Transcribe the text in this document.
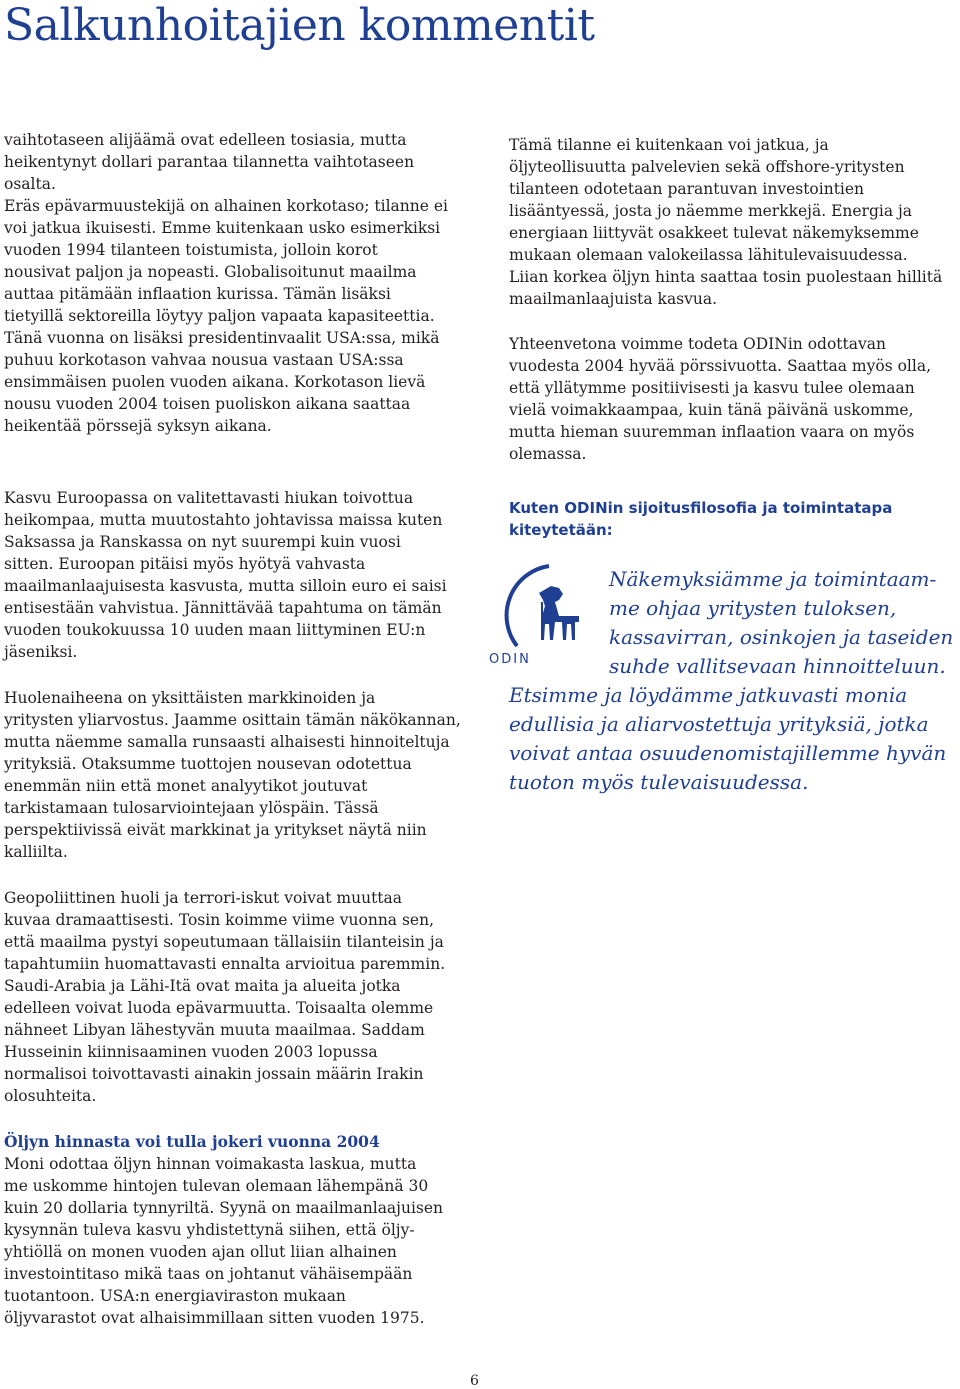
Salkunhoitajien kommentit

vaihtotaseen alijäämä ovat edelleen tosiasia, mutta

heikentynyt dollari parantaa tilannetta vaihtotaseen

osalta.

Eräs epävarmuustekijä on alhainen korkotaso; tilanne ei

voi jatkua ikuisesti. Emme kuitenkaan usko esimerkiksi

vuoden 1994 tilanteen toistumista, jolloin korot

nousivat paljon ja nopeasti. Globalisoitunut maailma

auttaa pitämään inflaation kurissa. Tämän lisäksi

tietyillä sektoreilla löytyy paljon vapaata kapasiteettia.

Tänä vuonna on lisäksi presidentinvaalit USA:ssa, mikä

puhuu korkotason vahvaa nousua vastaan USA:ssa

ensimmäisen puolen vuoden aikana. Korkotason lievä

nousu vuoden 2004 toisen puoliskon aikana saattaa

heikentää pörssejä syksyn aikana.

Kasvu Euroopassa on valitettavasti hiukan toivottua

heikompaa, mutta muutostahto johtavissa maissa kuten

Saksassa ja Ranskassa on nyt suurempi kuin vuosi

sitten. Euroopan pitäisi myös hyötyä vahvasta

maailmanlaajuisesta kasvusta, mutta silloin euro ei saisi

entisestään vahvistua. Jännittävää tapahtuma on tämän

vuoden toukokuussa 10 uuden maan liittyminen EU:n

jäseniksi.

Huolenaiheena on yksittäisten markkinoiden ja

yritysten yliarvostus. Jaamme osittain tämän näkökannan,

mutta näemme samalla runsaasti alhaisesti hinnoiteltuja

yrityksiä. Otaksumme tuottojen nousevan odotettua

enemmän niin että monet analyytikot joutuvat

tarkistamaan tulosarviointejaan ylöspäin. Tässä

perspektiivissä eivät markkinat ja yritykset näytä niin

kalliilta.

Geopoliittinen huoli ja terrori-iskut voivat muuttaa

kuvaa dramaattisesti. Tosin koimme viime vuonna sen,

että maailma pystyi sopeutumaan tällaisiin tilanteisin ja

tapahtumiin huomattavasti ennalta arvioitua paremmin.

Saudi-Arabia ja Lähi-Itä ovat maita ja alueita jotka

edelleen voivat luoda epävarmuutta. Toisaalta olemme

nähneet Libyan lähestyvän muuta maailmaa. Saddam

Husseinin kiinnisaaminen vuoden 2003 lopussa

normalisoi toivottavasti ainakin jossain määrin Irakin

olosuhteita.

Öljyn hinnasta voi tulla jokeri vuonna 2004

Moni odottaa öljyn hinnan voimakasta laskua, mutta

me uskomme hintojen tulevan olemaan lähempänä 30

kuin 20 dollaria tynnyriltä. Syynä on maailmanlaajuisen

kysynnän tuleva kasvu yhdistettynä siihen, että öljy-

yhtiöllä on monen vuoden ajan ollut liian alhainen

investointitaso mikä taas on johtanut vähäisempään

tuotantoon. USA:n energiaviraston mukaan

öljyvarastot ovat alhaisimmillaan sitten vuoden 1975.

Tämä tilanne ei kuitenkaan voi jatkua, ja

öljyteollisuutta palvelevien sekä offshore-yritysten

tilanteen odotetaan parantuvan investointien

lisääntyessä, josta jo näemme merkkejä. Energia ja

energiaan liittyvät osakkeet tulevat näkemyksemme

mukaan olemaan valokeilassa lähitulevaisuudessa.

Liian korkea öljyn hinta saattaa tosin puolestaan hillitä

maailmanlaajuista kasvua.

Yhteenvetona voimme todeta ODINin odottavan

vuodesta 2004 hyvää pörssivuotta. Saattaa myös olla,

että yllätymme positiivisesti ja kasvu tulee olemaan

vielä voimakkaampaa, kuin tänä päivänä uskomme,

mutta hieman suuremman inflaation vaara on myös

olemassa.

Kuten ODINin sijoitusfilosofia ja toimintatapa

kiteytetään:

ODIN
Näkemyksiämme ja toimintaam-
me ohjaa yritysten tuloksen,
kassavirran, osinkojen ja taseiden
suhde vallitsevaan hinnoitteluun.
Etsimme ja löydämme jatkuvasti monia
edullisia ja aliarvostettuja yrityksiä, jotka
voivat antaa osuudenomistajillemme hyvän
tuoton myös tulevaisuudessa.
6
